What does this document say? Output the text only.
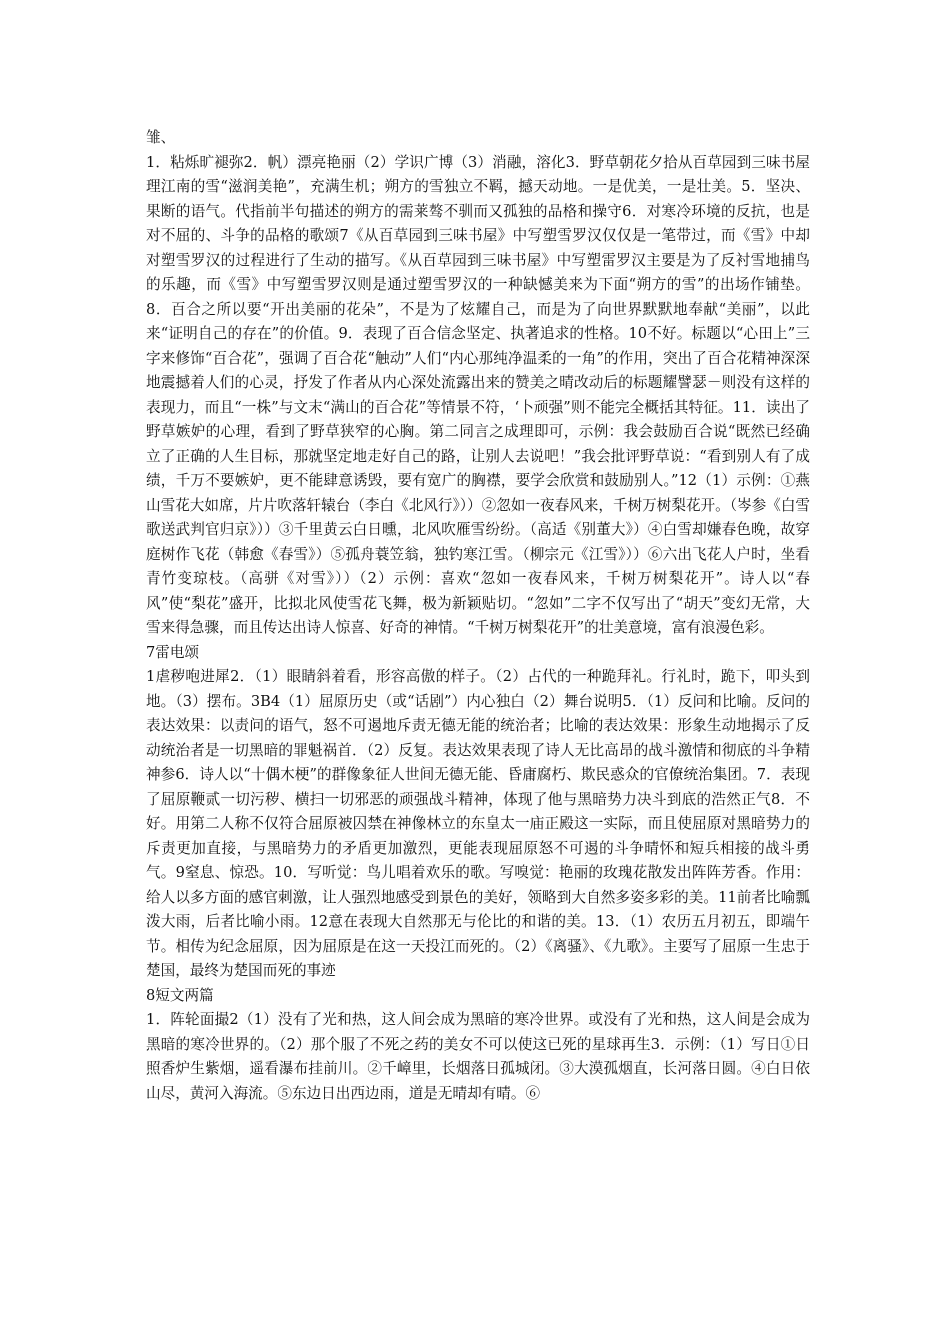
雏、

1．粘烁旷褪弥2．帆）漂亮艳丽（2）学识广博（3）消融，溶化3．野草朝花夕拾从百草园到三味书屋理江南的雪“滋润美艳”，充满生机；朔方的雪独立不羁，撼天动地。一是优美，一是壮美。5．坚决、果断的语气。代指前半句描述的朔方的需莱骜不驯而又孤独的品格和操守6．对寒冷环境的反抗，也是对不屈的、斗争的品格的歌颂7《从百草园到三味书屋》中写塑雪罗汉仅仅是一笔带过，而《雪》中却对塑雪罗汉的过程进行了生动的描写。《从百草园到三味书屋》中写塑雷罗汉主要是为了反衬雪地捕鸟的乐趣，而《雪》中写塑雪罗汉则是通过塑雪罗汉的一种缺憾美来为下面“朔方的雪”的出场作铺垫。8．百合之所以要“开出美丽的花朵”，不是为了炫耀自己，而是为了向世界默默地奉献“美丽”，以此来“证明自己的存在”的价值。9．表现了百合信念坚定、执著追求的性格。10不好。标题以“心田上”三字来修饰“百合花”，强调了百合花“触动”人们“内心那纯净温柔的一角”的作用，突出了百合花精神深深地震撼着人们的心灵，抒发了作者从内心深处流露出来的赞美之晴改动后的标题耀譬瑟－则没有这样的表现力，而且“一株”与文末“满山的百合花”等情景不符，‘卜顽强”则不能完全概括其特征。11．读出了野草嫉妒的心理，看到了野草狭窄的心胸。第二同言之成理即可，示例：我会鼓励百合说“既然已经确立了正确的人生目标，那就坚定地走好自己的路，让别人去说吧！”我会批评野草说：“看到别人有了成绩，千万不要嫉妒，更不能肆意诱毁，要有宽广的胸襟，要学会欣赏和鼓励别人。”12（1）示例：①燕山雪花大如席，片片吹落轩辕台（李白《北风行》））②忽如一夜春风来，千树万树梨花开。（岑参《白雪歌送武判官归京》））③千里黄云白日曛，北风吹雁雪纷纷。（高适《别董大》）④白雪却嫌春色晚，故穿庭树作飞花（韩愈《春雪》）⑤孤舟蓑笠翁，独钓寒江雪。（柳宗元《江雪》））⑥六出飞花人户时，坐看青竹变琼枝。（高骈《对雪》））（2）示例：喜欢“忽如一夜春风来，千树万树梨花开”。诗人以“春风”使“梨花”盛开，比拟北风使雪花飞舞，极为新颖贴切。“忽如”二字不仅写出了“胡天”变幻无常，大雪来得急骤，而且传达出诗人惊喜、好奇的神情。“千树万树梨花开”的壮美意境，富有浪漫色彩。

7雷电颂

1虐秽咆进犀2．（1）眼睛斜着看，形容高傲的样子。（2）占代的一种跪拜礼。行礼时，跪下，叩头到地。（3）摆布。3B4（1）屈原历史（或“话剧”）内心独白（2）舞台说明5．（1）反问和比喻。反问的表达效果：以责问的语气，怒不可遏地斥责无德无能的统治者；比喻的表达效果：形象生动地揭示了反动统治者是一切黑暗的罪魁祸首．（2）反复。表达效果表现了诗人无比高昂的战斗激情和彻底的斗争精神参6．诗人以“十偶木梗”的群像象征人世间无德无能、昏庸腐朽、欺民惑众的官僚统治集团。7．表现了屈原鞭贰一切污秽、横扫一切邪恶的顽强战斗精神，体现了他与黑暗势力决斗到底的浩然正气8．不好。用第二人称不仅符合屈原被囚禁在神像林立的东皇太一庙正殿这一实际，而且使屈原对黑暗势力的斥责更加直接，与黑暗势力的矛盾更加激烈，更能表现屈原怒不可遏的斗争晴怀和短兵相接的战斗勇气。9窒息、惊恐。10．写听觉：鸟儿唱着欢乐的歌。写嗅觉：艳丽的玫瑰花散发出阵阵芳香。作用：给人以多方面的感官刺激，让人强烈地感受到景色的美好，领略到大自然多姿多彩的美。11前者比喻瓢泼大雨，后者比喻小雨。12意在表现大自然那无与伦比的和谐的美。13．（1）农历五月初五，即端午节。相传为纪念屈原，因为屈原是在这一天投江而死的。（2）《离骚》、《九歌》。主要写了屈原一生忠于楚国，最终为楚国而死的事迹

8短文两篇

1．阵轮面撮2（1）没有了光和热，这人间会成为黑暗的寒冷世界。或没有了光和热，这人间是会成为黑暗的寒冷世界的。（2）那个服了不死之药的美女不可以使这已死的星球再生3．示例：（1）写日①日照香炉生紫烟，遥看瀑布挂前川。②千嶂里，长烟落日孤城闭。③大漠孤烟直，长河落日圆。④白日依山尽，黄河入海流。⑤东边日出西边雨，道是无晴却有晴。⑥
